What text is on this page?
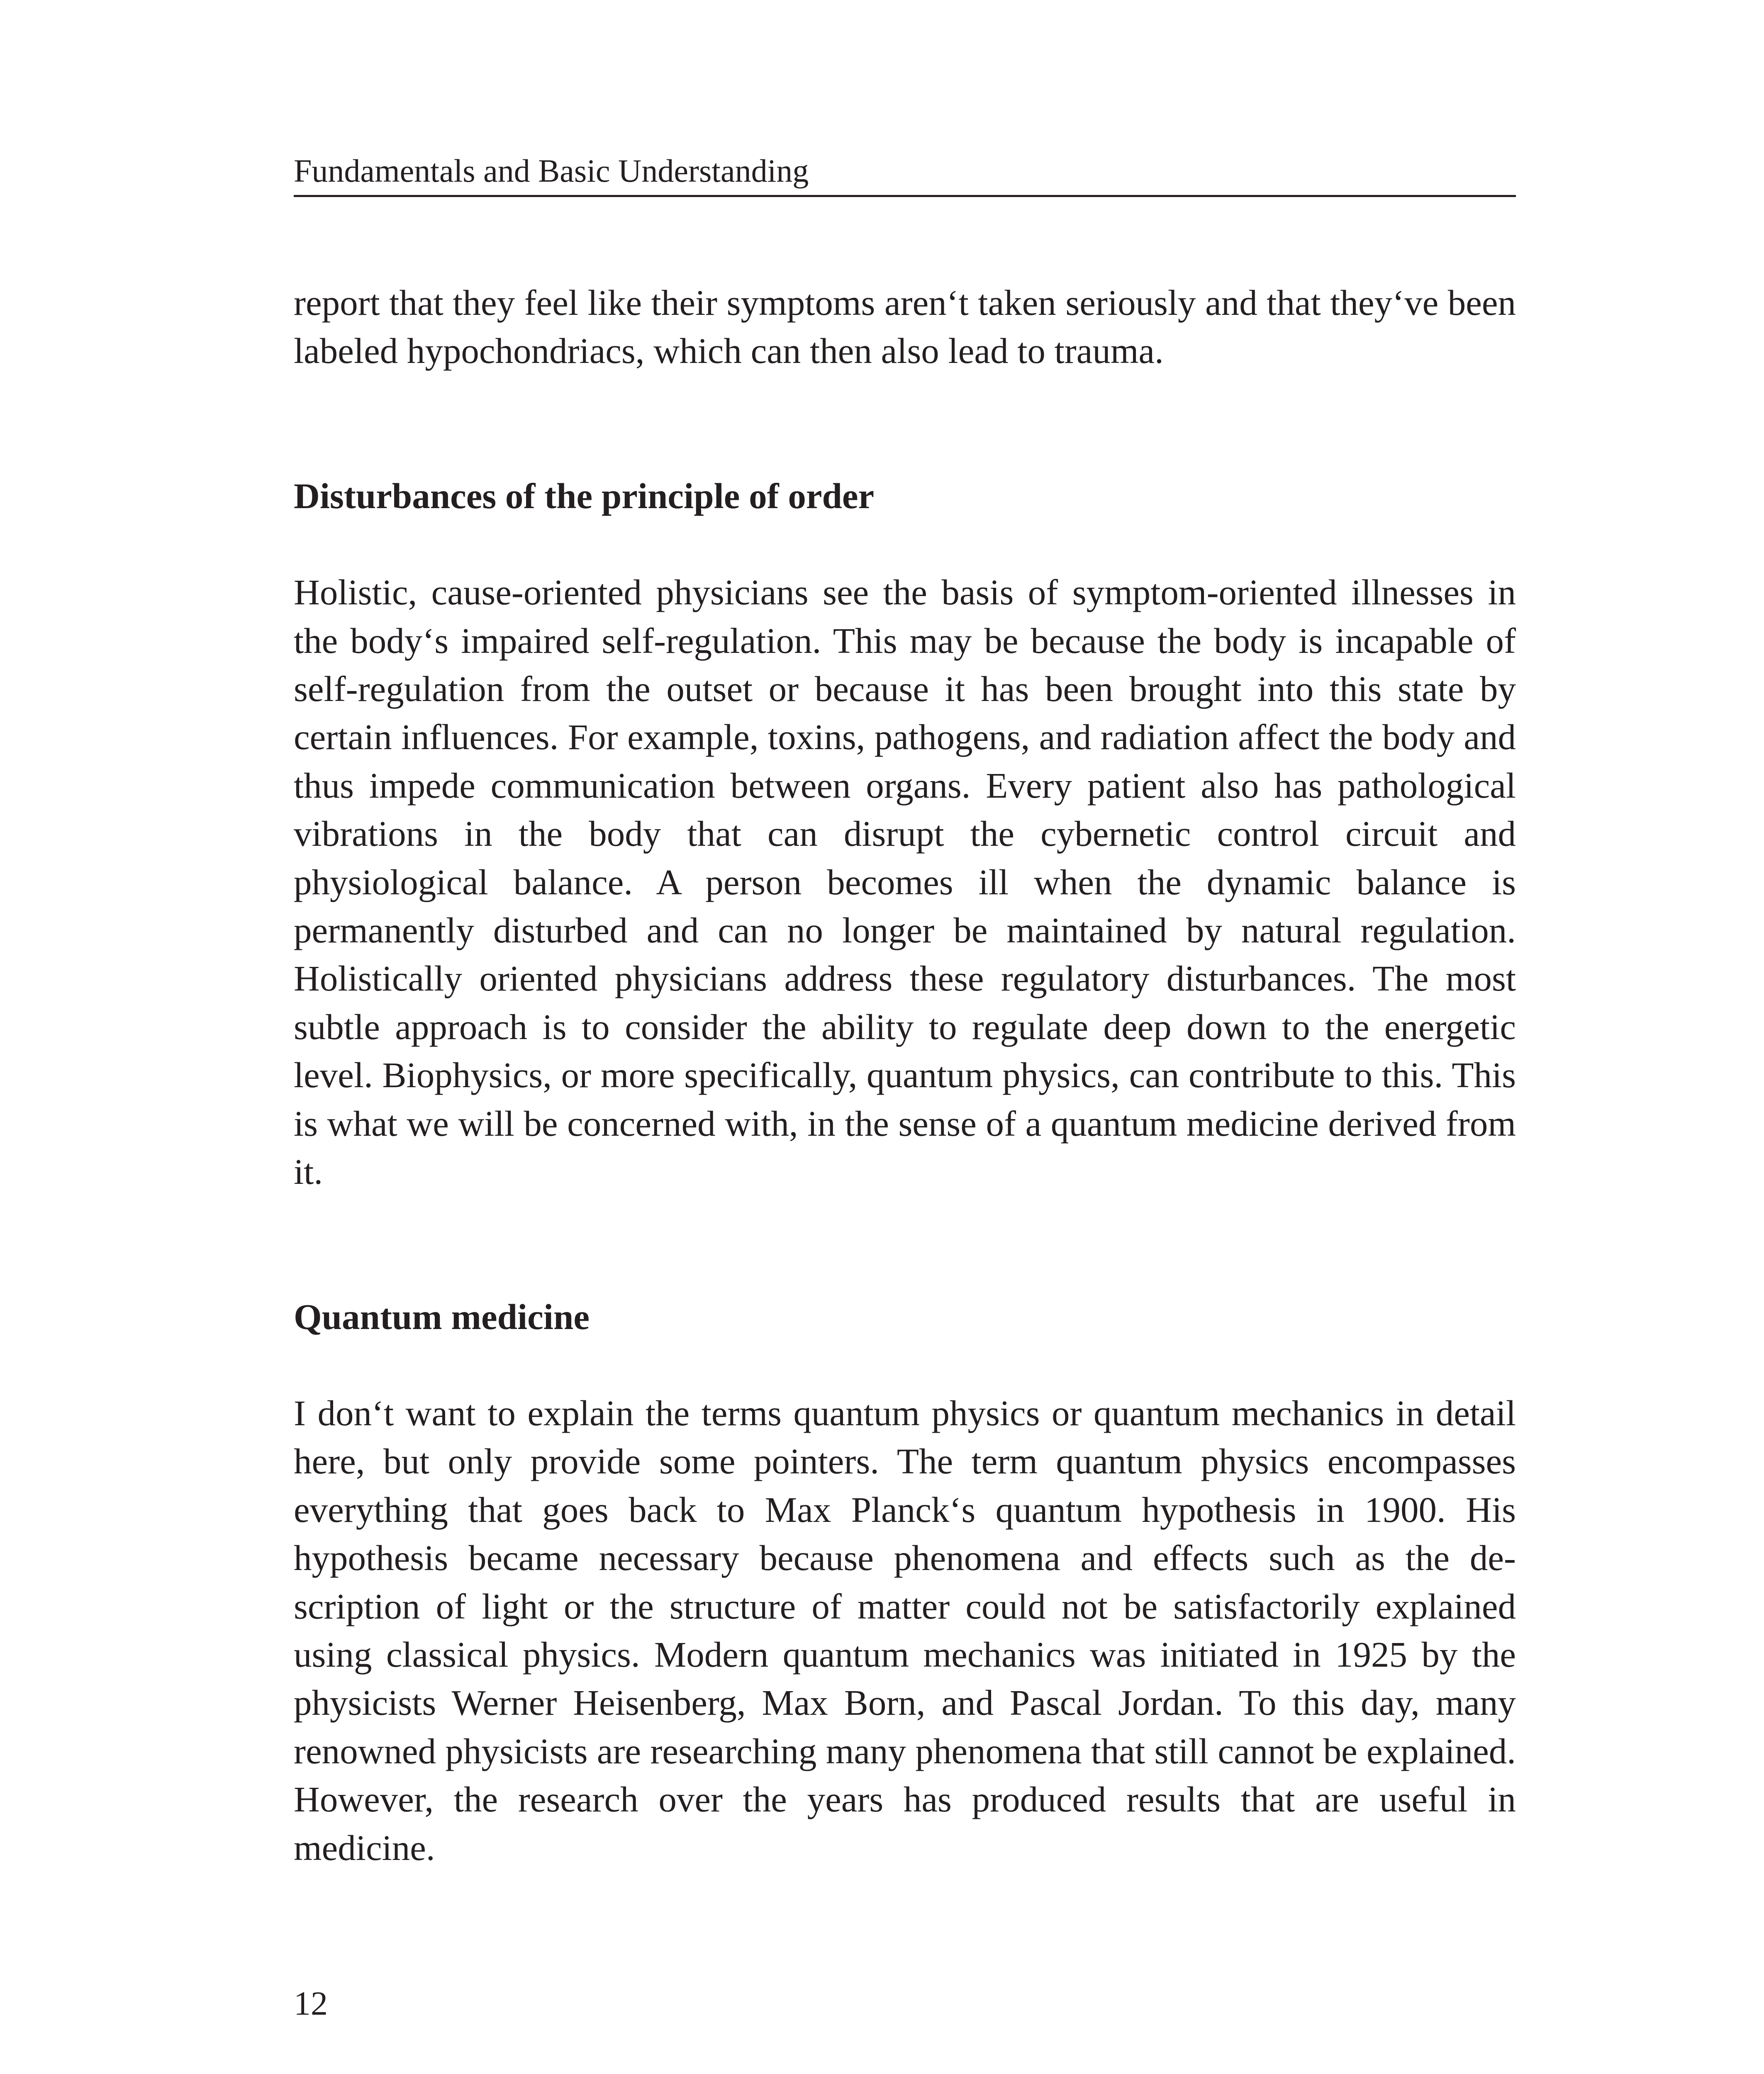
Fundamentals and Basic Understanding

report that they feel like their symptoms aren‘t taken seriously and that they‘ve been labeled hypochondriacs, which can then also lead to trauma.

Disturbances of the principle of order

Holistic, cause-oriented physicians see the basis of symptom-oriented illnesses in the body‘s impaired self-regulation. This may be because the body is incapable of self-regulation from the outset or because it has been brought into this state by certain influences. For example, toxins, pathogens, and radiation affect the body and thus impede communication between organs. Every patient also has pathological vibrations in the body that can disrupt the cybernetic control circuit and physiological balance. A person becomes ill when the dynamic balance is permanently disturbed and can no longer be maintained by natural regulation. Holistically oriented physicians address these regulatory disturbances. The most subtle approach is to consider the ability to regulate deep down to the energetic level. Biophysics, or more specifically, quantum physics, can contribute to this. This is what we will be concerned with, in the sense of a quantum medicine derived from it.

Quantum medicine

I don‘t want to explain the terms quantum physics or quantum mechanics in detail here, but only provide some pointers. The term quantum physics encompasses everything that goes back to Max Planck‘s quantum hypothesis in 1900. His hypothesis became necessary because phenomena and effects such as the description of light or the structure of matter could not be satisfactorily explained using classical physics. Modern quantum mechanics was initiated in 1925 by the physicists Werner Heisenberg, Max Born, and Pascal Jordan. To this day, many renowned physicists are researching many phenomena that still cannot be explained. However, the research over the years has produced results that are useful in medicine.

12
